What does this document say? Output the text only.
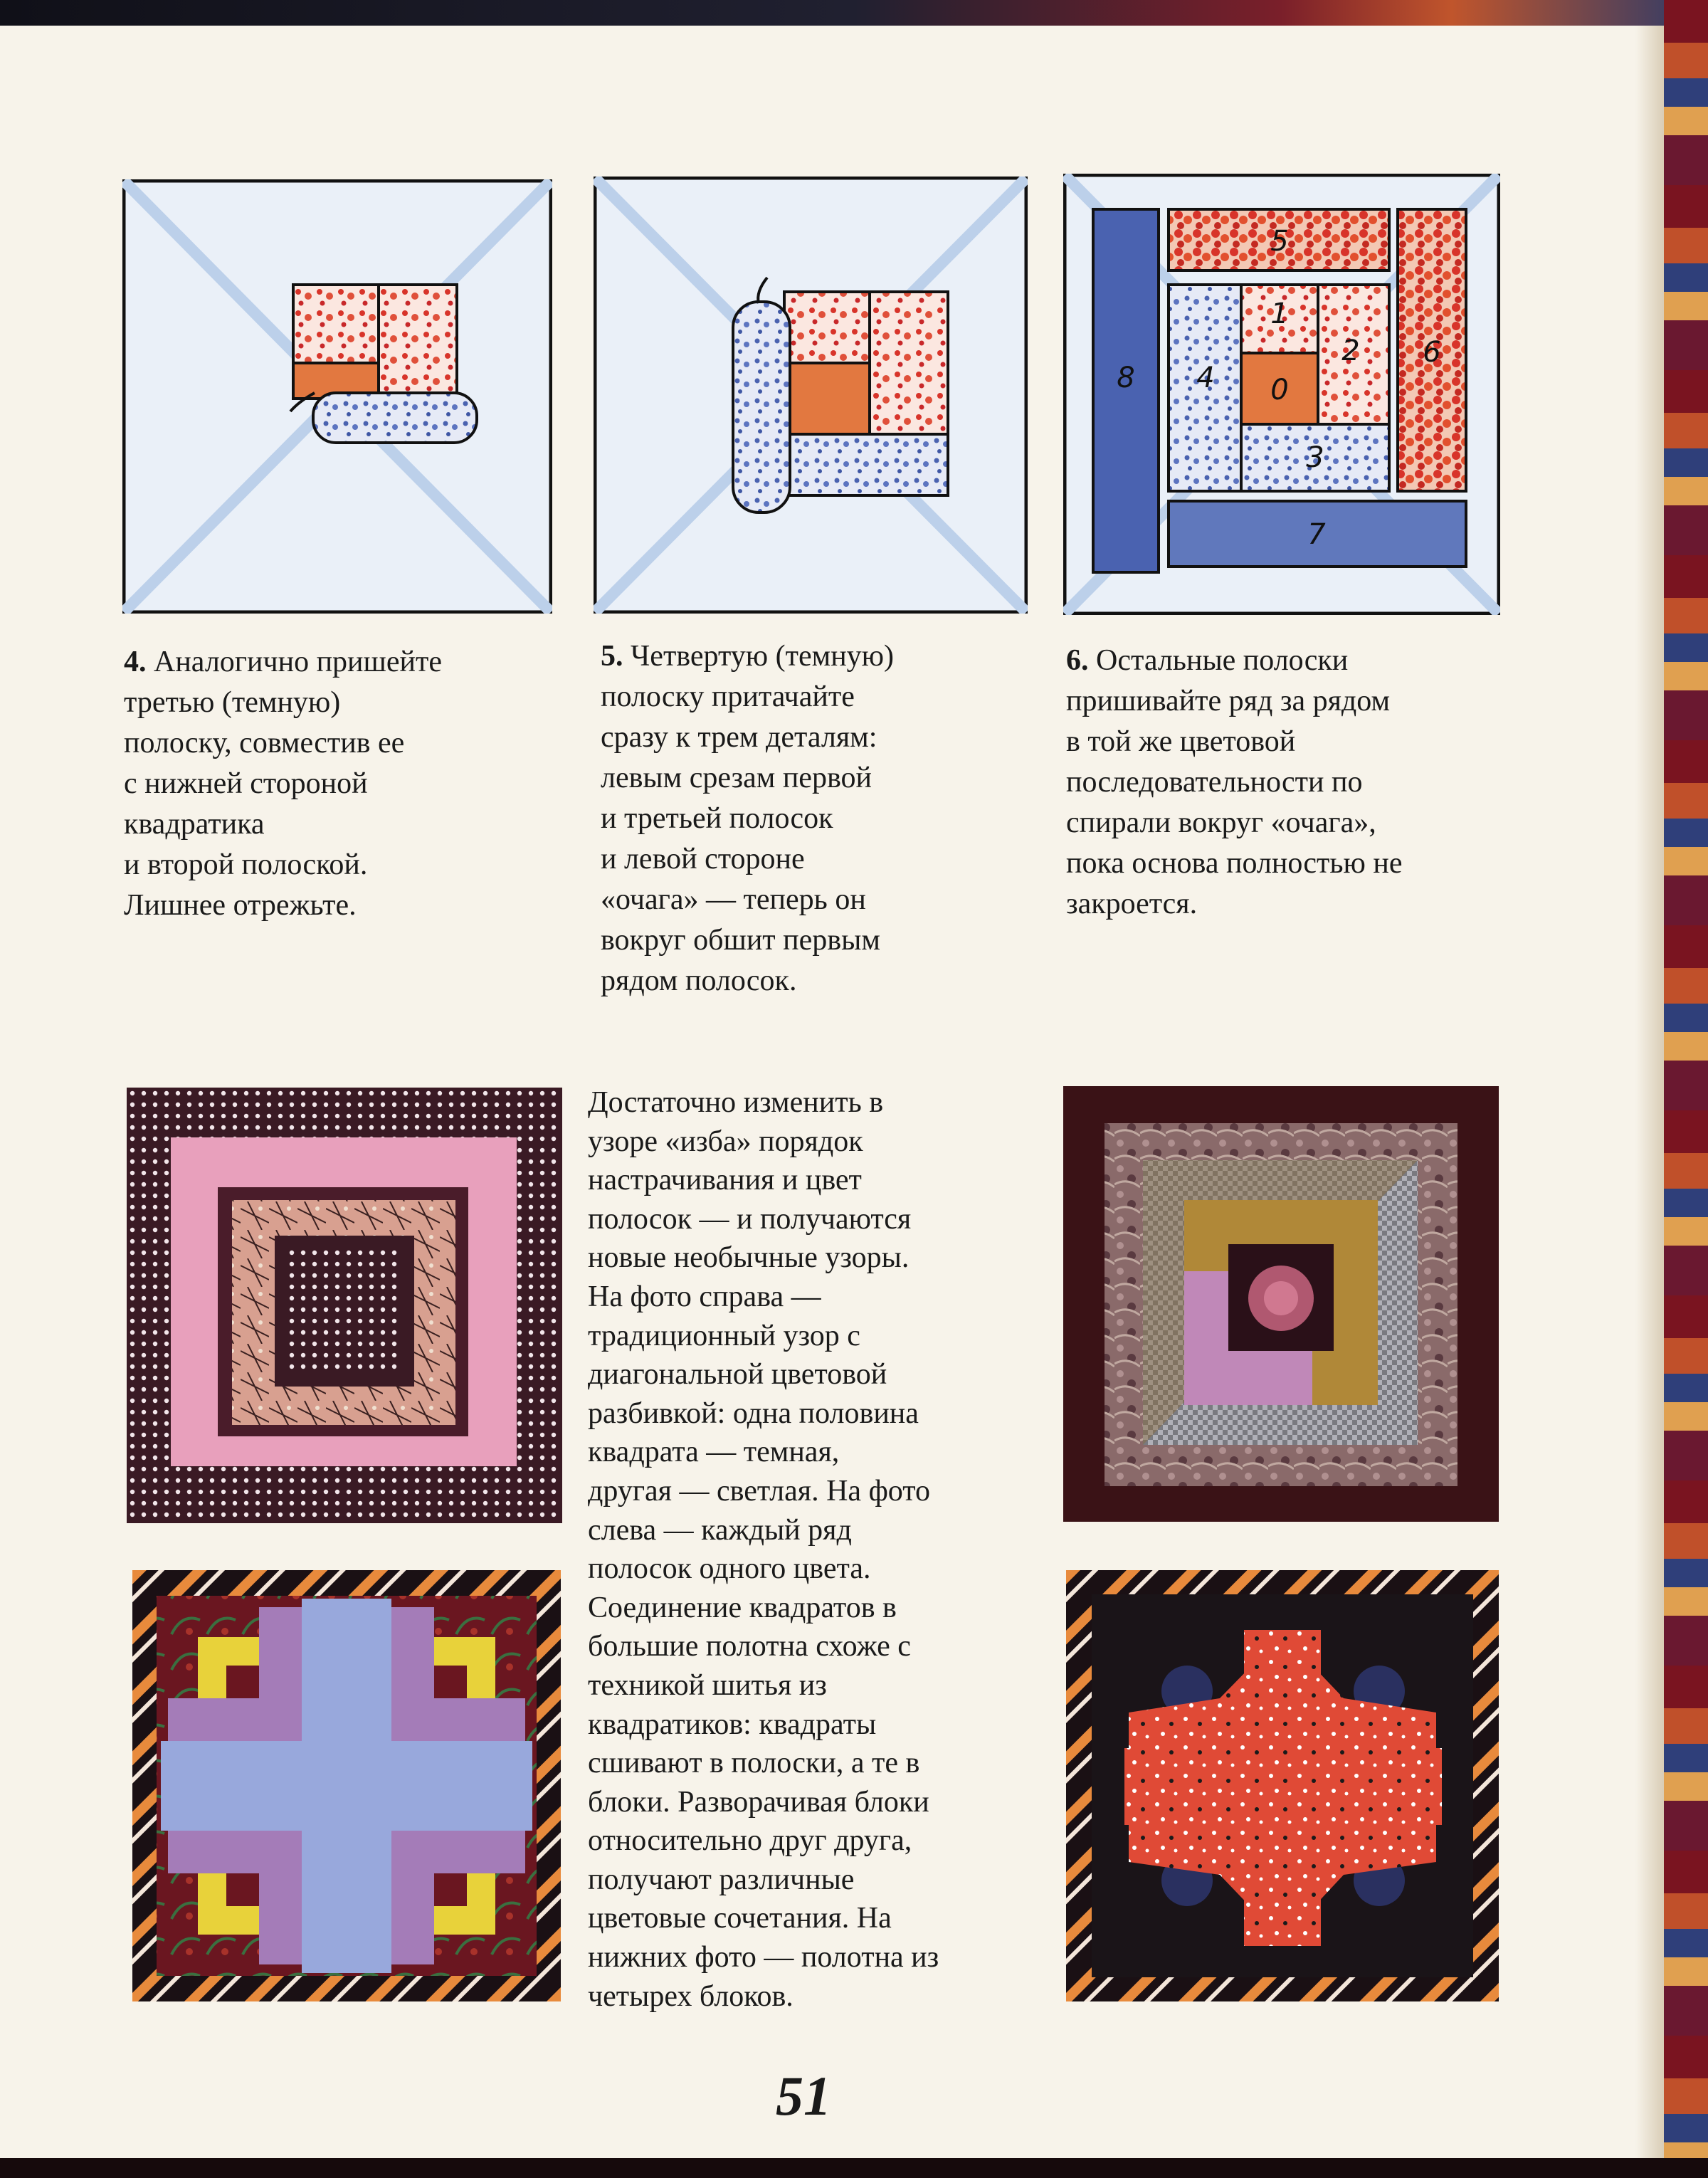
0
1
2
3
4
5
6
7
8

4. Аналогично пришейте

третью (темную)

полоску, совместив ее

с нижней стороной

квадратика

и второй полоской.

Лишнее отрежьте.

5. Четвертую (темную)

полоску притачайте

сразу к трем деталям:

левым срезам первой

и третьей полосок

и левой стороне

«очага» — теперь он

вокруг обшит первым

рядом полосок.

6. Остальные полоски

пришивайте ряд за рядом

в той же цветовой

последовательности по

спирали вокруг «очага»,

пока основа полностью не

закроется.

Достаточно изменить в

узоре «изба» порядок

настрачивания и цвет

полосок — и получаются

новые необычные узоры.

На фото справа —

традиционный узор с

диагональной цветовой

разбивкой: одна половина

квадрата — темная,

другая — светлая. На фото

слева — каждый ряд

полосок одного цвета.

Соединение квадратов в

большие полотна схоже с

техникой шитья из

квадратиков: квадраты

сшивают в полоски, а те в

блоки. Разворачивая блоки

относительно друг друга,

получают различные

цветовые сочетания. На

нижних фото — полотна из

четырех блоков.

51
